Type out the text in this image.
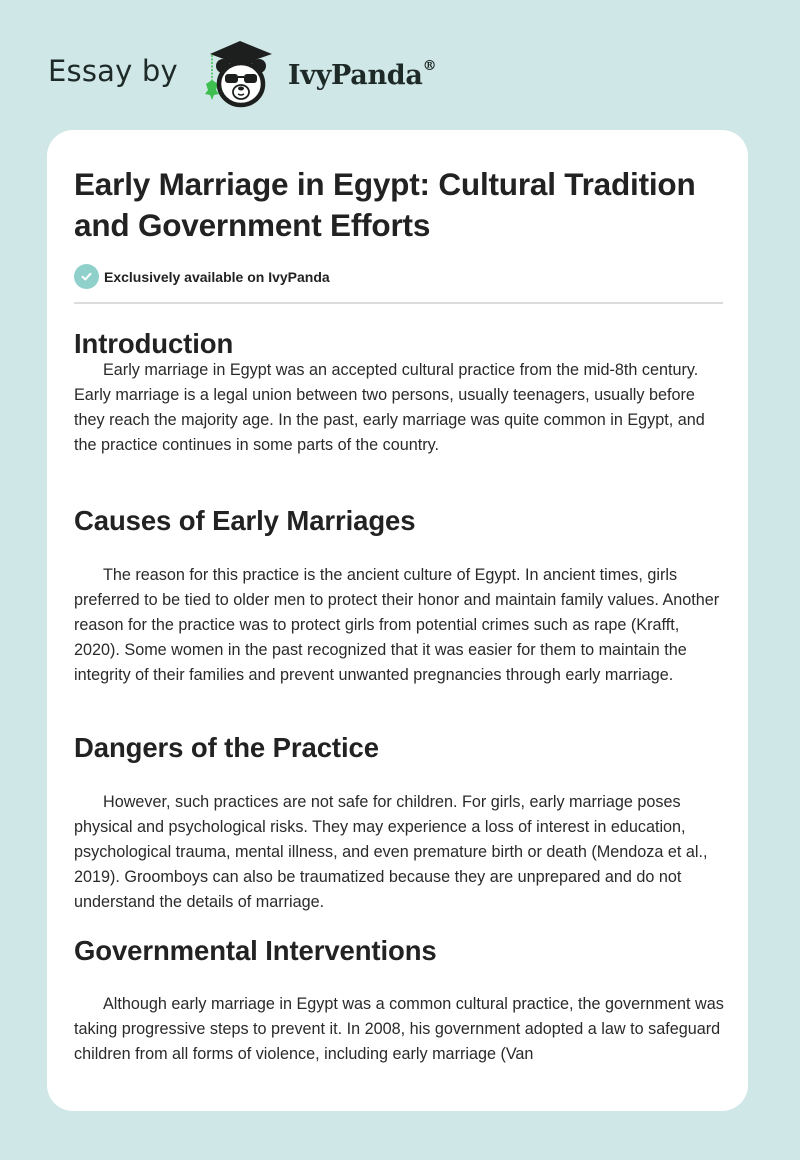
Essay by	IvyPanda®
Early Marriage in Egypt: Cultural Tradition and Government Efforts
Exclusively available on IvyPanda
Introduction

Early marriage in Egypt was an accepted cultural practice from the mid-8th century. Early marriage is a legal union between two persons, usually teenagers, usually before they reach the majority age. In the past, early marriage was quite common in Egypt, and the practice continues in some parts of the country.

Causes of Early Marriages

The reason for this practice is the ancient culture of Egypt. In ancient times, girls preferred to be tied to older men to protect their honor and maintain family values. Another reason for the practice was to protect girls from potential crimes such as rape (Krafft, 2020). Some women in the past recognized that it was easier for them to maintain the integrity of their families and prevent unwanted pregnancies through early marriage.

Dangers of the Practice

However, such practices are not safe for children. For girls, early marriage poses physical and psychological risks. They may experience a loss of interest in education, psychological trauma, mental illness, and even premature birth or death (Mendoza et al., 2019). Groomboys can also be traumatized because they are unprepared and do not understand the details of marriage.

Governmental Interventions

Although early marriage in Egypt was a common cultural practice, the government was taking progressive steps to prevent it. In 2008, his government adopted a law to safeguard children from all forms of violence, including early marriage (Van
